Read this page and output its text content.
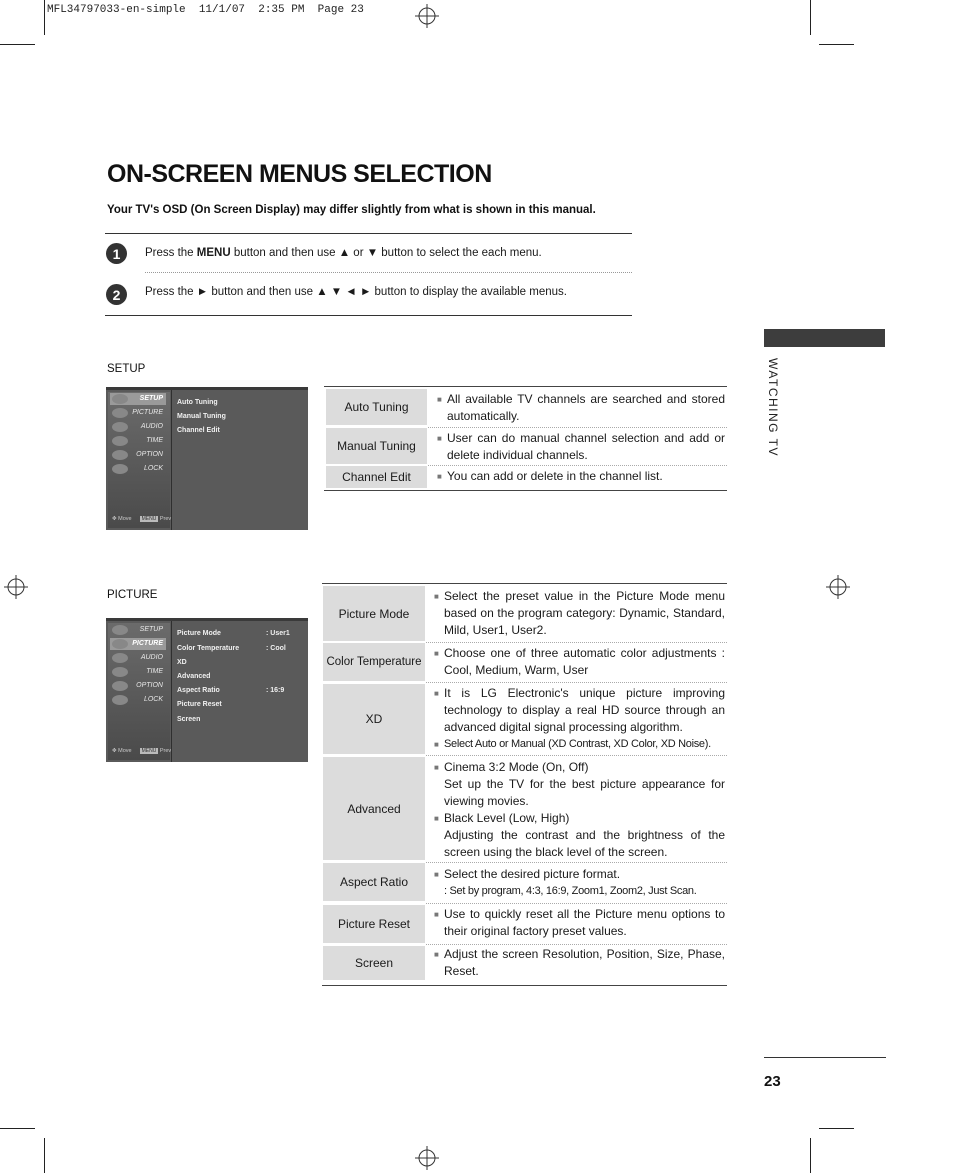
MFL34797033-en-simple  11/1/07  2:35 PM  Page 23
ON-SCREEN MENUS SELECTION
Your TV's OSD (On Screen Display) may differ slightly from what is shown in this manual.
1	Press the MENU button and then use ▲ or ▼ button to select the each menu.
2	Press the ► button and then use ▲ ▼ ◄ ► button to display the available menus.
WATCHING TV
SETUP
SETUP
PICTURE
AUDIO
TIME
OPTION
LOCK
Auto Tuning
Manual Tuning
Channel Edit
✥ Move MENU Prev
Auto Tuning

■ All available TV channels are searched and stored automatically.

Manual Tuning

■ User can do manual channel selection and add or delete individual channels.

Channel Edit	■ You can add or delete in the channel list.

PICTURE
SETUP
PICTURE
AUDIO
TIME
OPTION
LOCK
Picture Mode	: User1
Color Temperature	: Cool
XD
Advanced
Aspect Ratio	: 16:9
Picture Reset
Screen
✥ Move MENU Prev
Picture Mode

■ Select the preset value in the Picture Mode menu based on the program category: Dynamic, Standard, Mild, User1, User2.

Color Temperature

■ Choose one of three automatic color adjustments : Cool, Medium, Warm, User

XD

■ It is LG Electronic's unique picture improving technology to display a real HD source through an advanced digital signal processing algorithm.

■ Select Auto or Manual (XD Contrast, XD Color, XD Noise).

Advanced

■ Cinema 3:2 Mode (On, Off)

Set up the TV for the best picture appearance for viewing movies.

■ Black Level (Low, High)

Adjusting the contrast and the brightness of the screen using the black level of the screen.

Aspect Ratio

■ Select the desired picture format.

: Set by program, 4:3, 16:9, Zoom1, Zoom2, Just Scan.

Picture Reset

■ Use to quickly reset all the Picture menu options to their original factory preset values.

Screen

■ Adjust the screen Resolution, Position, Size, Phase, Reset.

23
